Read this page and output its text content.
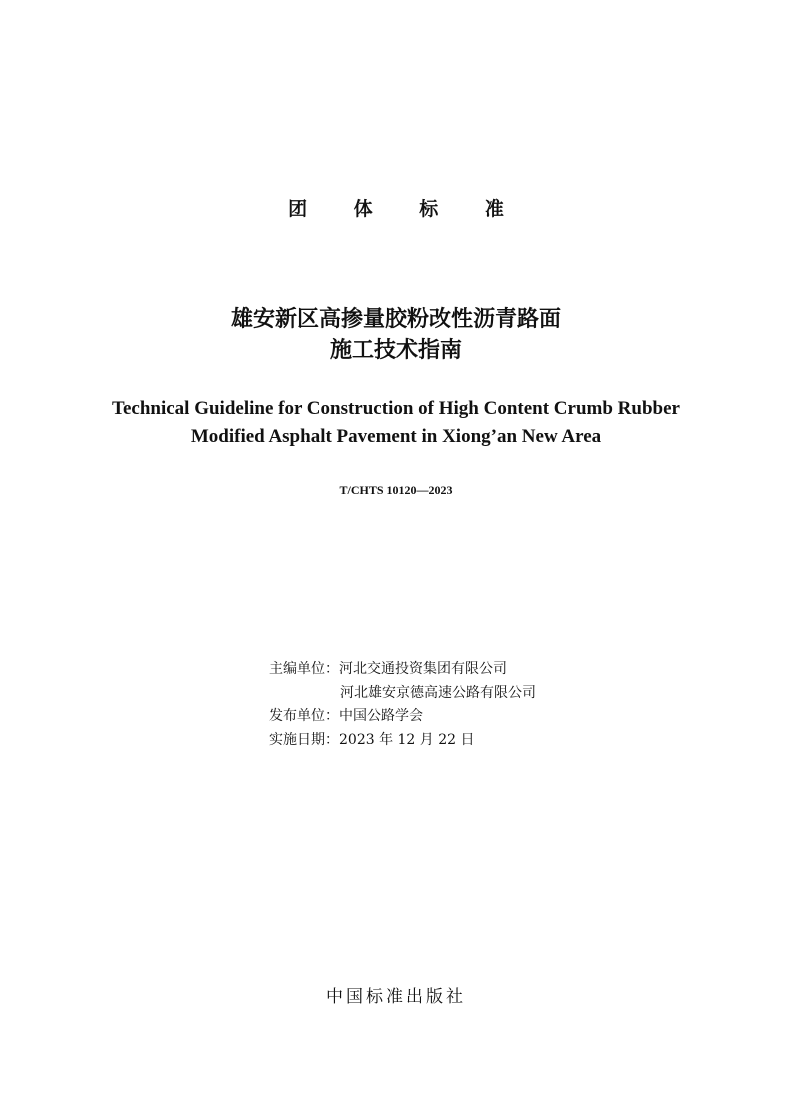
团 体 标 准
雄安新区高掺量胶粉改性沥青路面
施工技术指南
Technical Guideline for Construction of High Content Crumb Rubber
Modified Asphalt Pavement in Xiong’an New Area
T/CHTS 10120—2023
主编单位：河北交通投资集团有限公司
河北雄安京德高速公路有限公司
发布单位：中国公路学会
实施日期：2023 年 12 月 22 日
中国标准出版社
